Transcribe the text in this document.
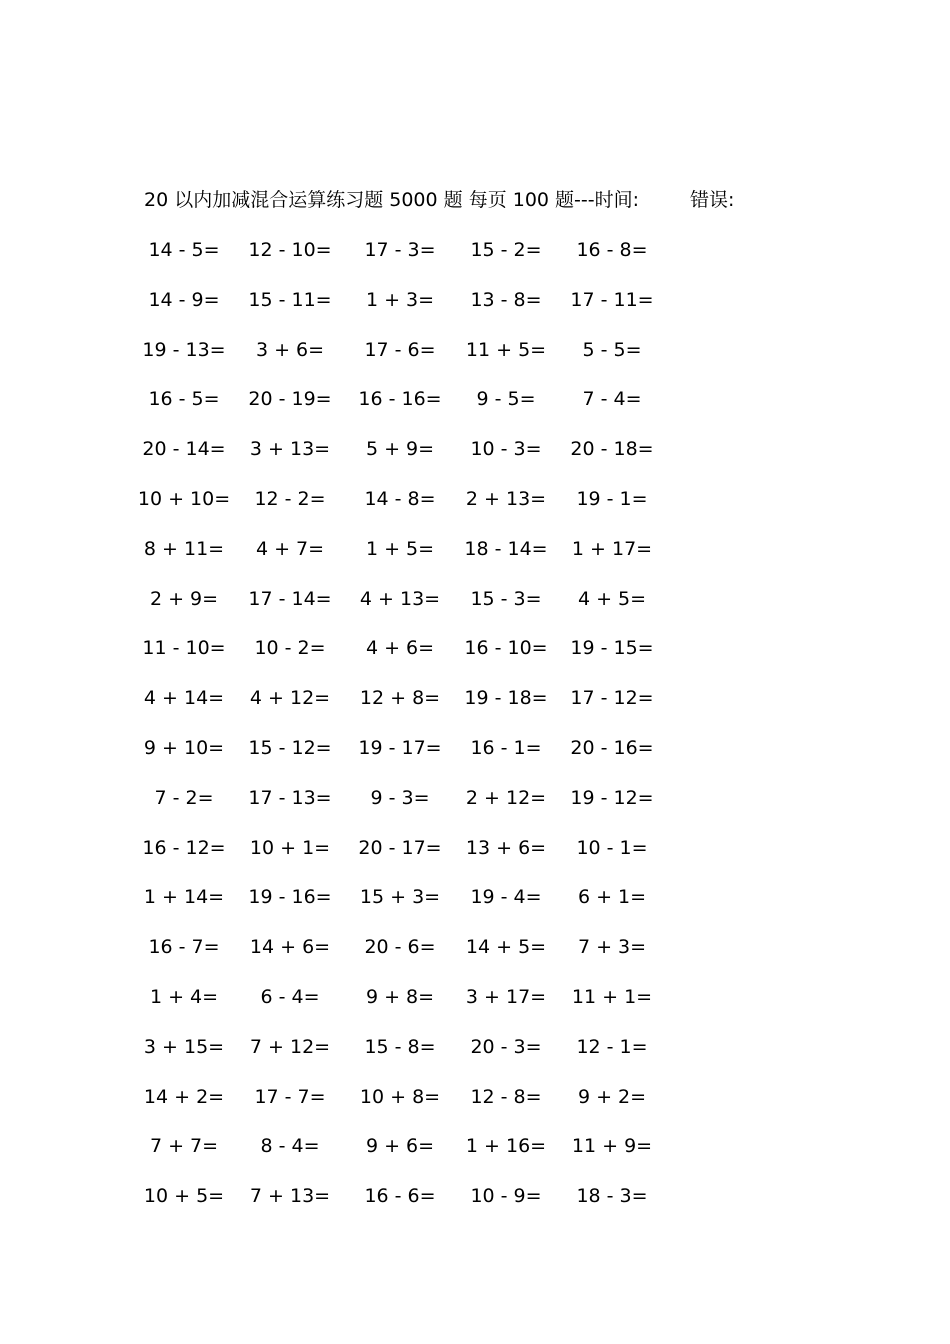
20 以内加减混合运算练习题 5000 题 每页 100 题---时间:	错误:
14 - 5=	12 - 10=	17 - 3=	15 - 2=	16 - 8=
14 - 9=	15 - 11=	1 + 3=	13 - 8=	17 - 11=
19 - 13=	3 + 6=	17 - 6=	11 + 5=	5 - 5=
16 - 5=	20 - 19=	16 - 16=	9 - 5=	7 - 4=
20 - 14=	3 + 13=	5 + 9=	10 - 3=	20 - 18=
10 + 10=	12 - 2=	14 - 8=	2 + 13=	19 - 1=
8 + 11=	4 + 7=	1 + 5=	18 - 14=	1 + 17=
2 + 9=	17 - 14=	4 + 13=	15 - 3=	4 + 5=
11 - 10=	10 - 2=	4 + 6=	16 - 10=	19 - 15=
4 + 14=	4 + 12=	12 + 8=	19 - 18=	17 - 12=
9 + 10=	15 - 12=	19 - 17=	16 - 1=	20 - 16=
7 - 2=	17 - 13=	9 - 3=	2 + 12=	19 - 12=
16 - 12=	10 + 1=	20 - 17=	13 + 6=	10 - 1=
1 + 14=	19 - 16=	15 + 3=	19 - 4=	6 + 1=
16 - 7=	14 + 6=	20 - 6=	14 + 5=	7 + 3=
1 + 4=	6 - 4=	9 + 8=	3 + 17=	11 + 1=
3 + 15=	7 + 12=	15 - 8=	20 - 3=	12 - 1=
14 + 2=	17 - 7=	10 + 8=	12 - 8=	9 + 2=
7 + 7=	8 - 4=	9 + 6=	1 + 16=	11 + 9=
10 + 5=	7 + 13=	16 - 6=	10 - 9=	18 - 3=
